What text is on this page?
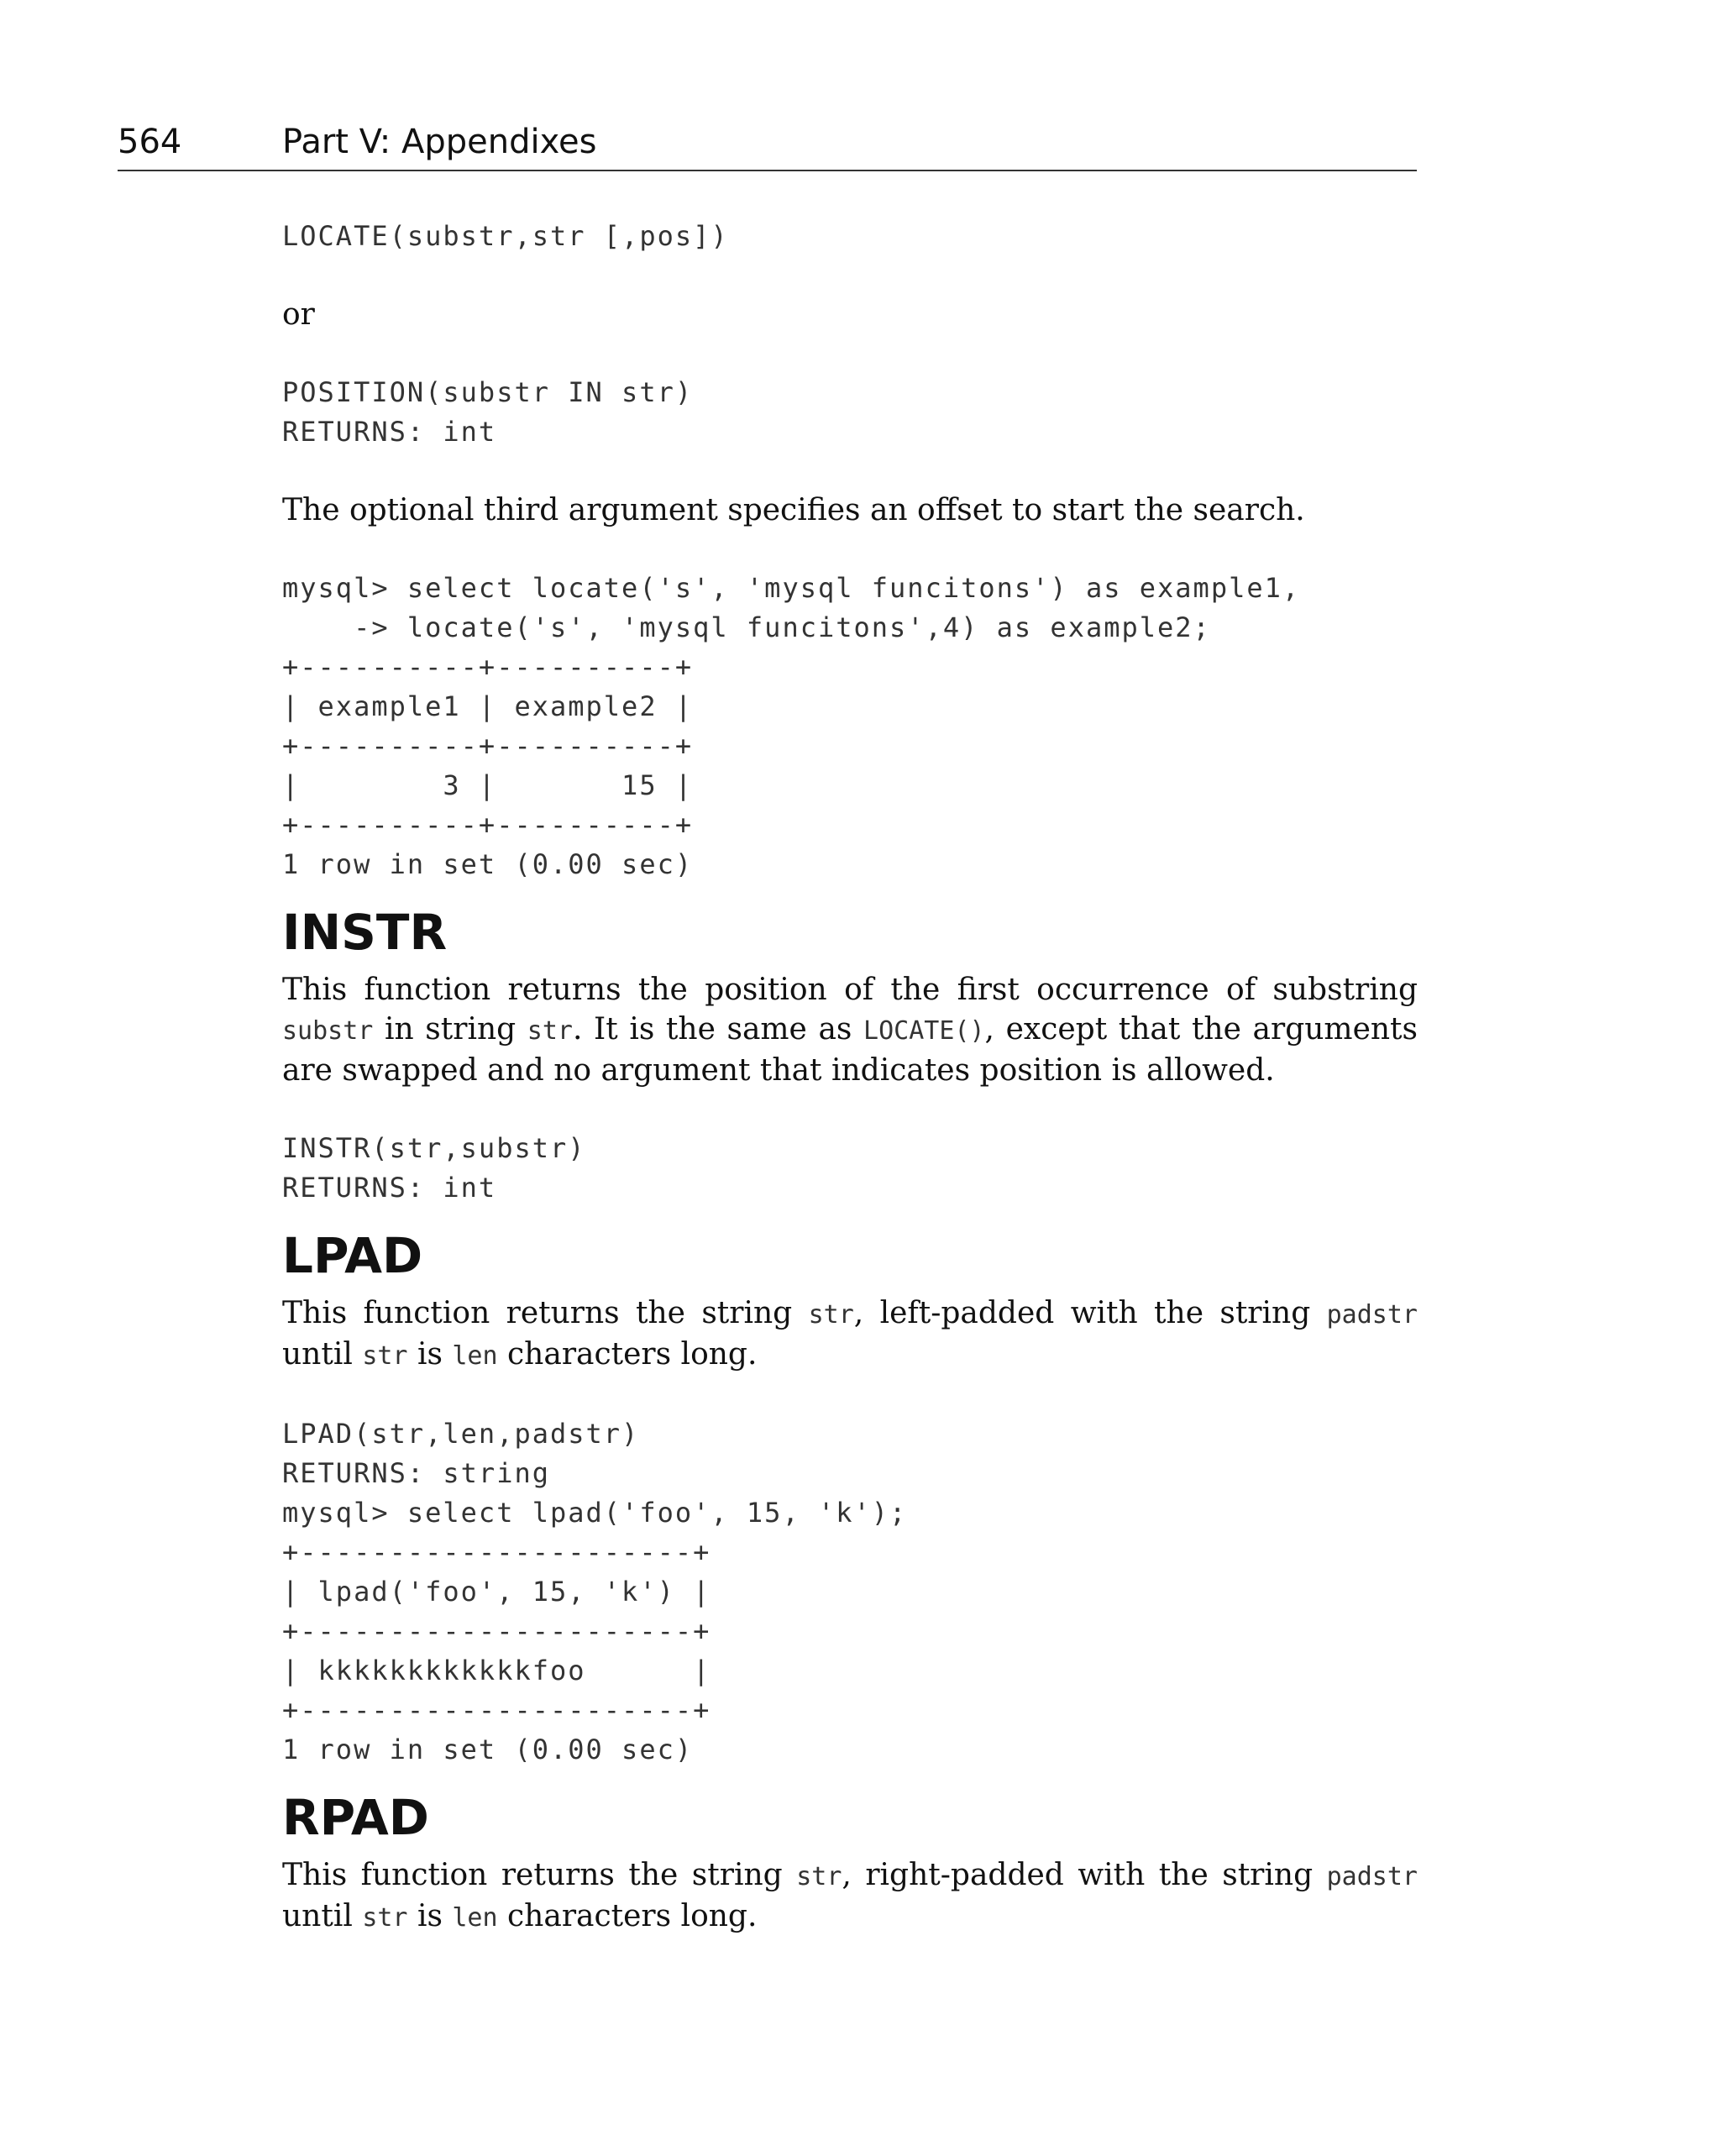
564	Part V: Appendixes
LOCATE(substr,str [,pos])

or

POSITION(substr IN str)
RETURNS: int

The optional third argument specifies an offset to start the search.

mysql> select locate('s', 'mysql funcitons') as example1,
-> locate('s', 'mysql funcitons',4) as example2;
+----------+----------+
| example1 | example2 |
+----------+----------+
|        3 |       15 |
+----------+----------+
1 row in set (0.00 sec)
INSTR

This function returns the position of the first occurrence of substring substr in string str. It is the same as LOCATE(), except that the arguments are swapped and no argument that indicates position is allowed.

INSTR(str,substr)
RETURNS: int
LPAD

This function returns the string str, left-padded with the string padstr until str is len characters long.

LPAD(str,len,padstr)
RETURNS: string
mysql> select lpad('foo', 15, 'k');
+----------------------+
| lpad('foo', 15, 'k') |
+----------------------+
| kkkkkkkkkkkkfoo      |
+----------------------+
1 row in set (0.00 sec)
RPAD

This function returns the string str, right-padded with the string padstr until str is len characters long.
